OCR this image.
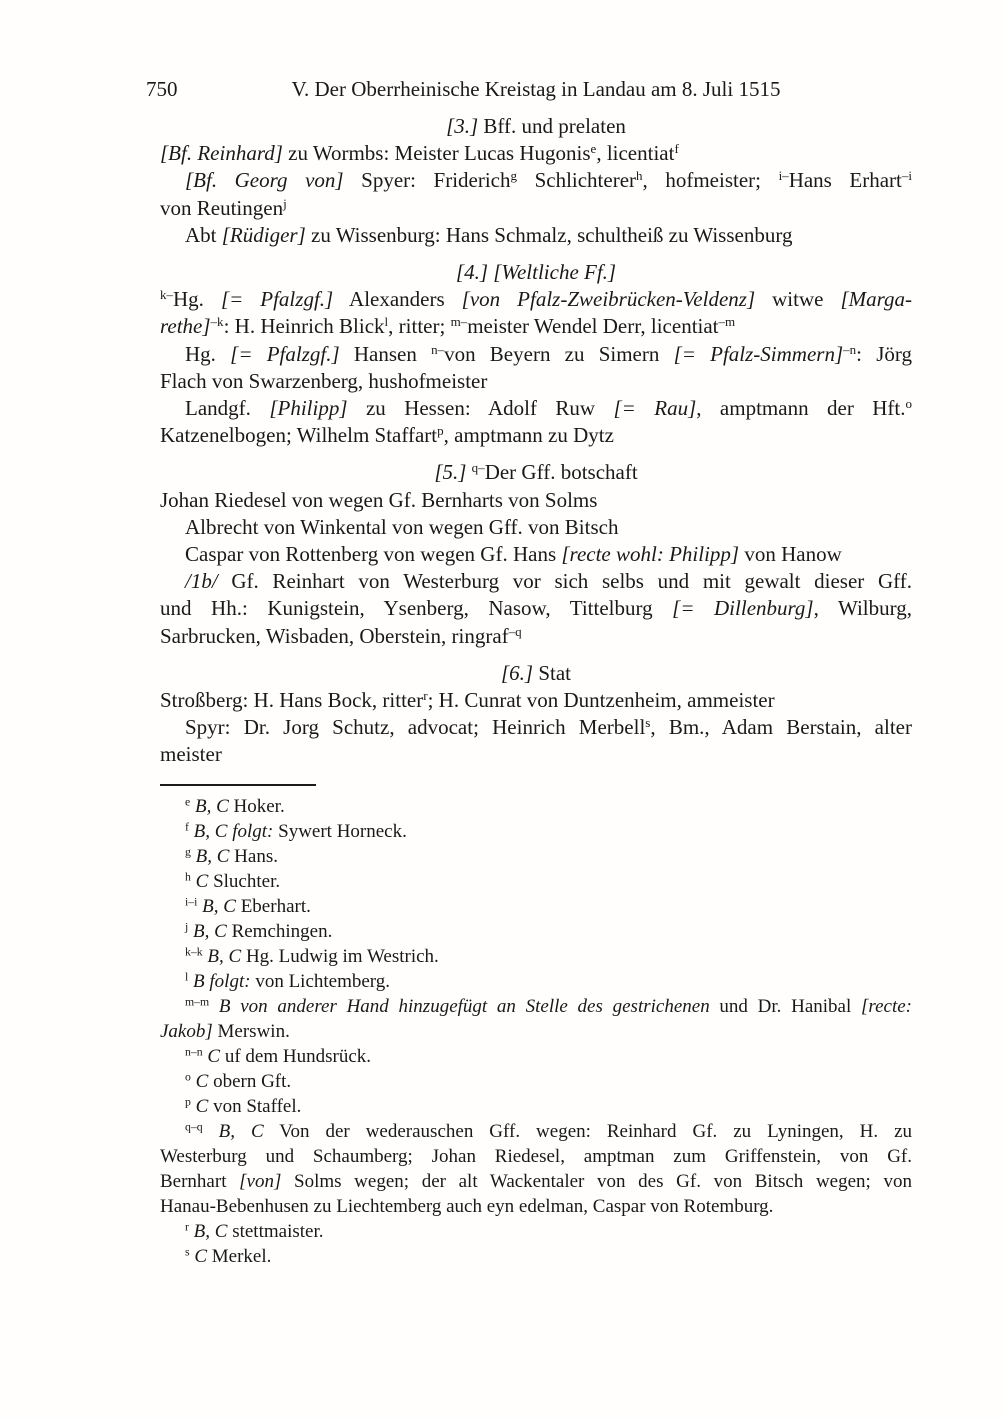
750	V. Der Oberrheinische Kreistag in Landau am 8. Juli 1515
[3.] Bff. und prelaten
[Bf. Reinhard] zu Wormbs: Meister Lucas Hugonis$^e$, licentiat$^f$
[Bf. Georg von] Spyer: Friderich$^g$ Schlichterer$^h$, hofmeister; $^{i-}$Hans Erhart$^{-i}$
von Reutingen$^j$
Abt [Rüdiger] zu Wissenburg: Hans Schmalz, schultheiß zu Wissenburg
[4.] [Weltliche Ff.]
$^{k-}$Hg. [= Pfalzgf.] Alexanders [von Pfalz-Zweibrücken-Veldenz] witwe [Marga-
rethe]$^{-k}$: H. Heinrich Blick$^l$, ritter; $^{m-}$meister Wendel Derr, licentiat$^{-m}$
Hg. [= Pfalzgf.] Hansen $^{n-}$von Beyern zu Simern [= Pfalz-Simmern]$^{-n}$: Jörg
Flach von Swarzenberg, hushofmeister
Landgf. [Philipp] zu Hessen: Adolf Ruw [= Rau], amptmann der Hft.$^o$
Katzenelbogen; Wilhelm Staffart$^p$, amptmann zu Dytz
[5.] $^{q-}$Der Gff. botschaft
Johan Riedesel von wegen Gf. Bernharts von Solms
Albrecht von Winkental von wegen Gff. von Bitsch
Caspar von Rottenberg von wegen Gf. Hans [recte wohl: Philipp] von Hanow
/1b/ Gf. Reinhart von Westerburg vor sich selbs und mit gewalt dieser Gff.
und Hh.: Kunigstein, Ysenberg, Nasow, Tittelburg [= Dillenburg], Wilburg,
Sarbrucken, Wisbaden, Oberstein, ringraf$^{-q}$
[6.] Stat
Stroßberg: H. Hans Bock, ritter$^r$; H. Cunrat von Duntzenheim, ammeister
Spyr: Dr. Jorg Schutz, advocat; Heinrich Merbell$^s$, Bm., Adam Berstain, alter
meister
$^e$ B, C Hoker.
$^f$ B, C folgt: Sywert Horneck.
$^g$ B, C Hans.
$^h$ C Sluchter.
$^{i-i}$ B, C Eberhart.
$^j$ B, C Remchingen.
$^{k-k}$ B, C Hg. Ludwig im Westrich.
$^l$ B folgt: von Lichtemberg.
$^{m-m}$ B von anderer Hand hinzugefügt an Stelle des gestrichenen und Dr. Hanibal [recte:
Jakob] Merswin.
$^{n-n}$ C uf dem Hundsrück.
$^o$ C obern Gft.
$^p$ C von Staffel.
$^{q-q}$ B, C Von der wederauschen Gff. wegen: Reinhard Gf. zu Lyningen, H. zu
Westerburg und Schaumberg; Johan Riedesel, amptman zum Griffenstein, von Gf.
Bernhart [von] Solms wegen; der alt Wackentaler von des Gf. von Bitsch wegen; von
Hanau-Bebenhusen zu Liechtemberg auch eyn edelman, Caspar von Rotemburg.
$^r$ B, C stettmaister.
$^s$ C Merkel.
